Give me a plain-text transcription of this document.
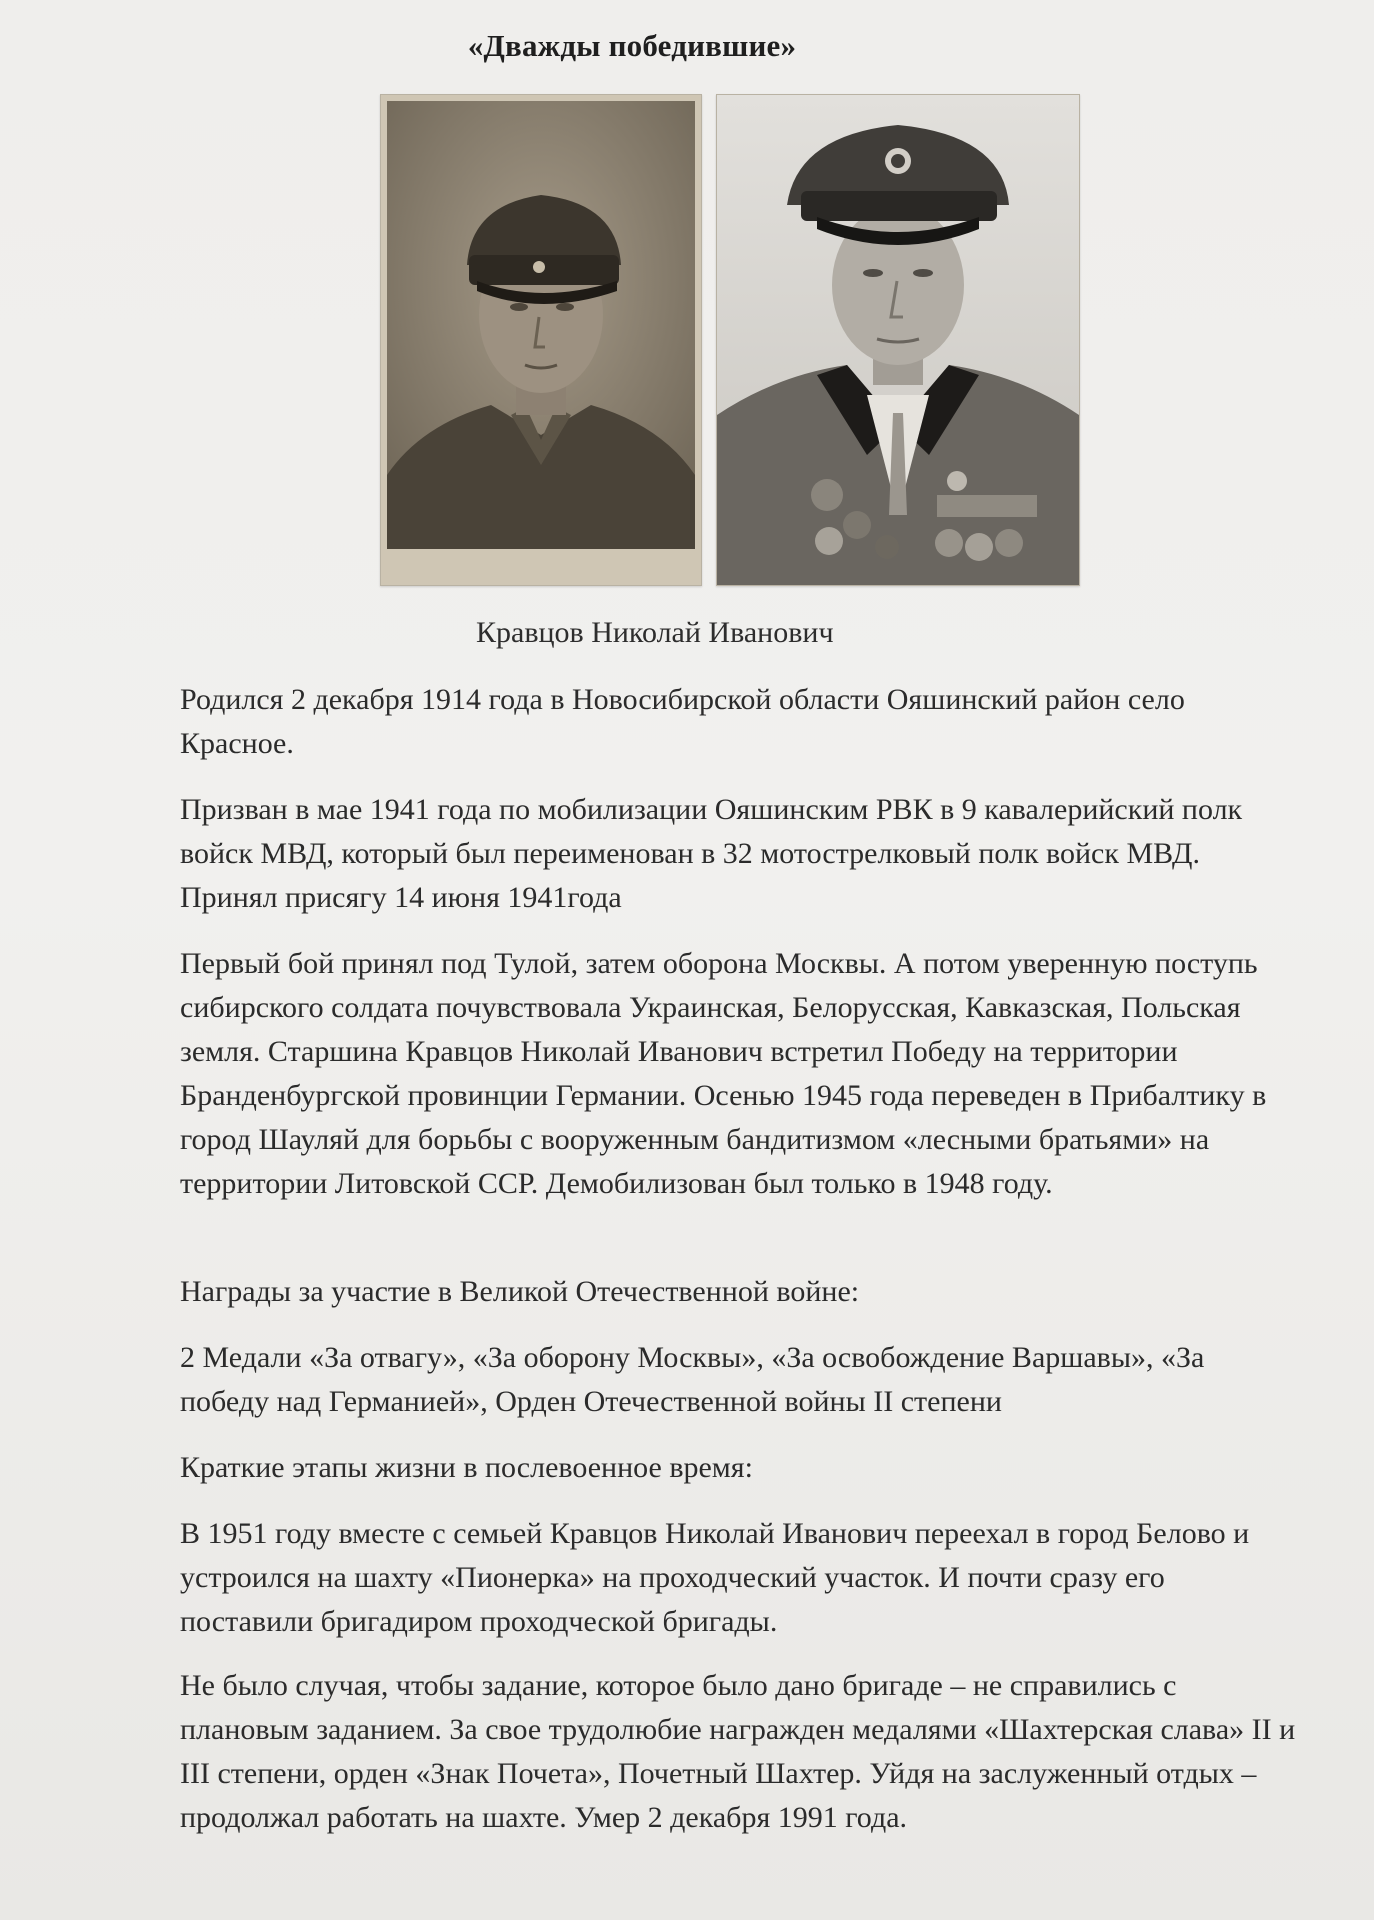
«Дважды победившие»
Кравцов Николай Иванович

Родился 2 декабря 1914 года в Новосибирской области Ояшинский район село Красное.

Призван в мае 1941 года по мобилизации Ояшинским РВК в 9 кавалерийский полк войск МВД, который был переименован в 32 мотострелковый полк войск МВД. Принял присягу 14 июня 1941года

Первый бой принял под Тулой, затем оборона Москвы. А потом уверенную поступь сибирского солдата почувствовала Украинская, Белорусская, Кавказская, Польская земля. Старшина Кравцов Николай Иванович встретил Победу на территории Бранденбургской провинции Германии. Осенью 1945 года переведен в Прибалтику в город Шауляй для борьбы с вооруженным бандитизмом «лесными братьями» на территории Литовской ССР. Демобилизован был только в 1948 году.

Награды за участие в Великой Отечественной войне:

2 Медали «За отвагу», «За оборону Москвы», «За освобождение Варшавы», «За победу над Германией», Орден Отечественной войны II степени

Краткие этапы жизни в послевоенное время:

В 1951 году вместе с семьей Кравцов Николай Иванович переехал в город Белово и устроился на шахту «Пионерка» на проходческий участок. И почти сразу его поставили бригадиром проходческой бригады.

Не было случая, чтобы задание, которое было дано бригаде – не справились с плановым заданием. За свое трудолюбие награжден медалями «Шахтерская слава» II и III степени, орден «Знак Почета», Почетный Шахтер. Уйдя на заслуженный отдых – продолжал работать на шахте. Умер 2 декабря 1991 года.
